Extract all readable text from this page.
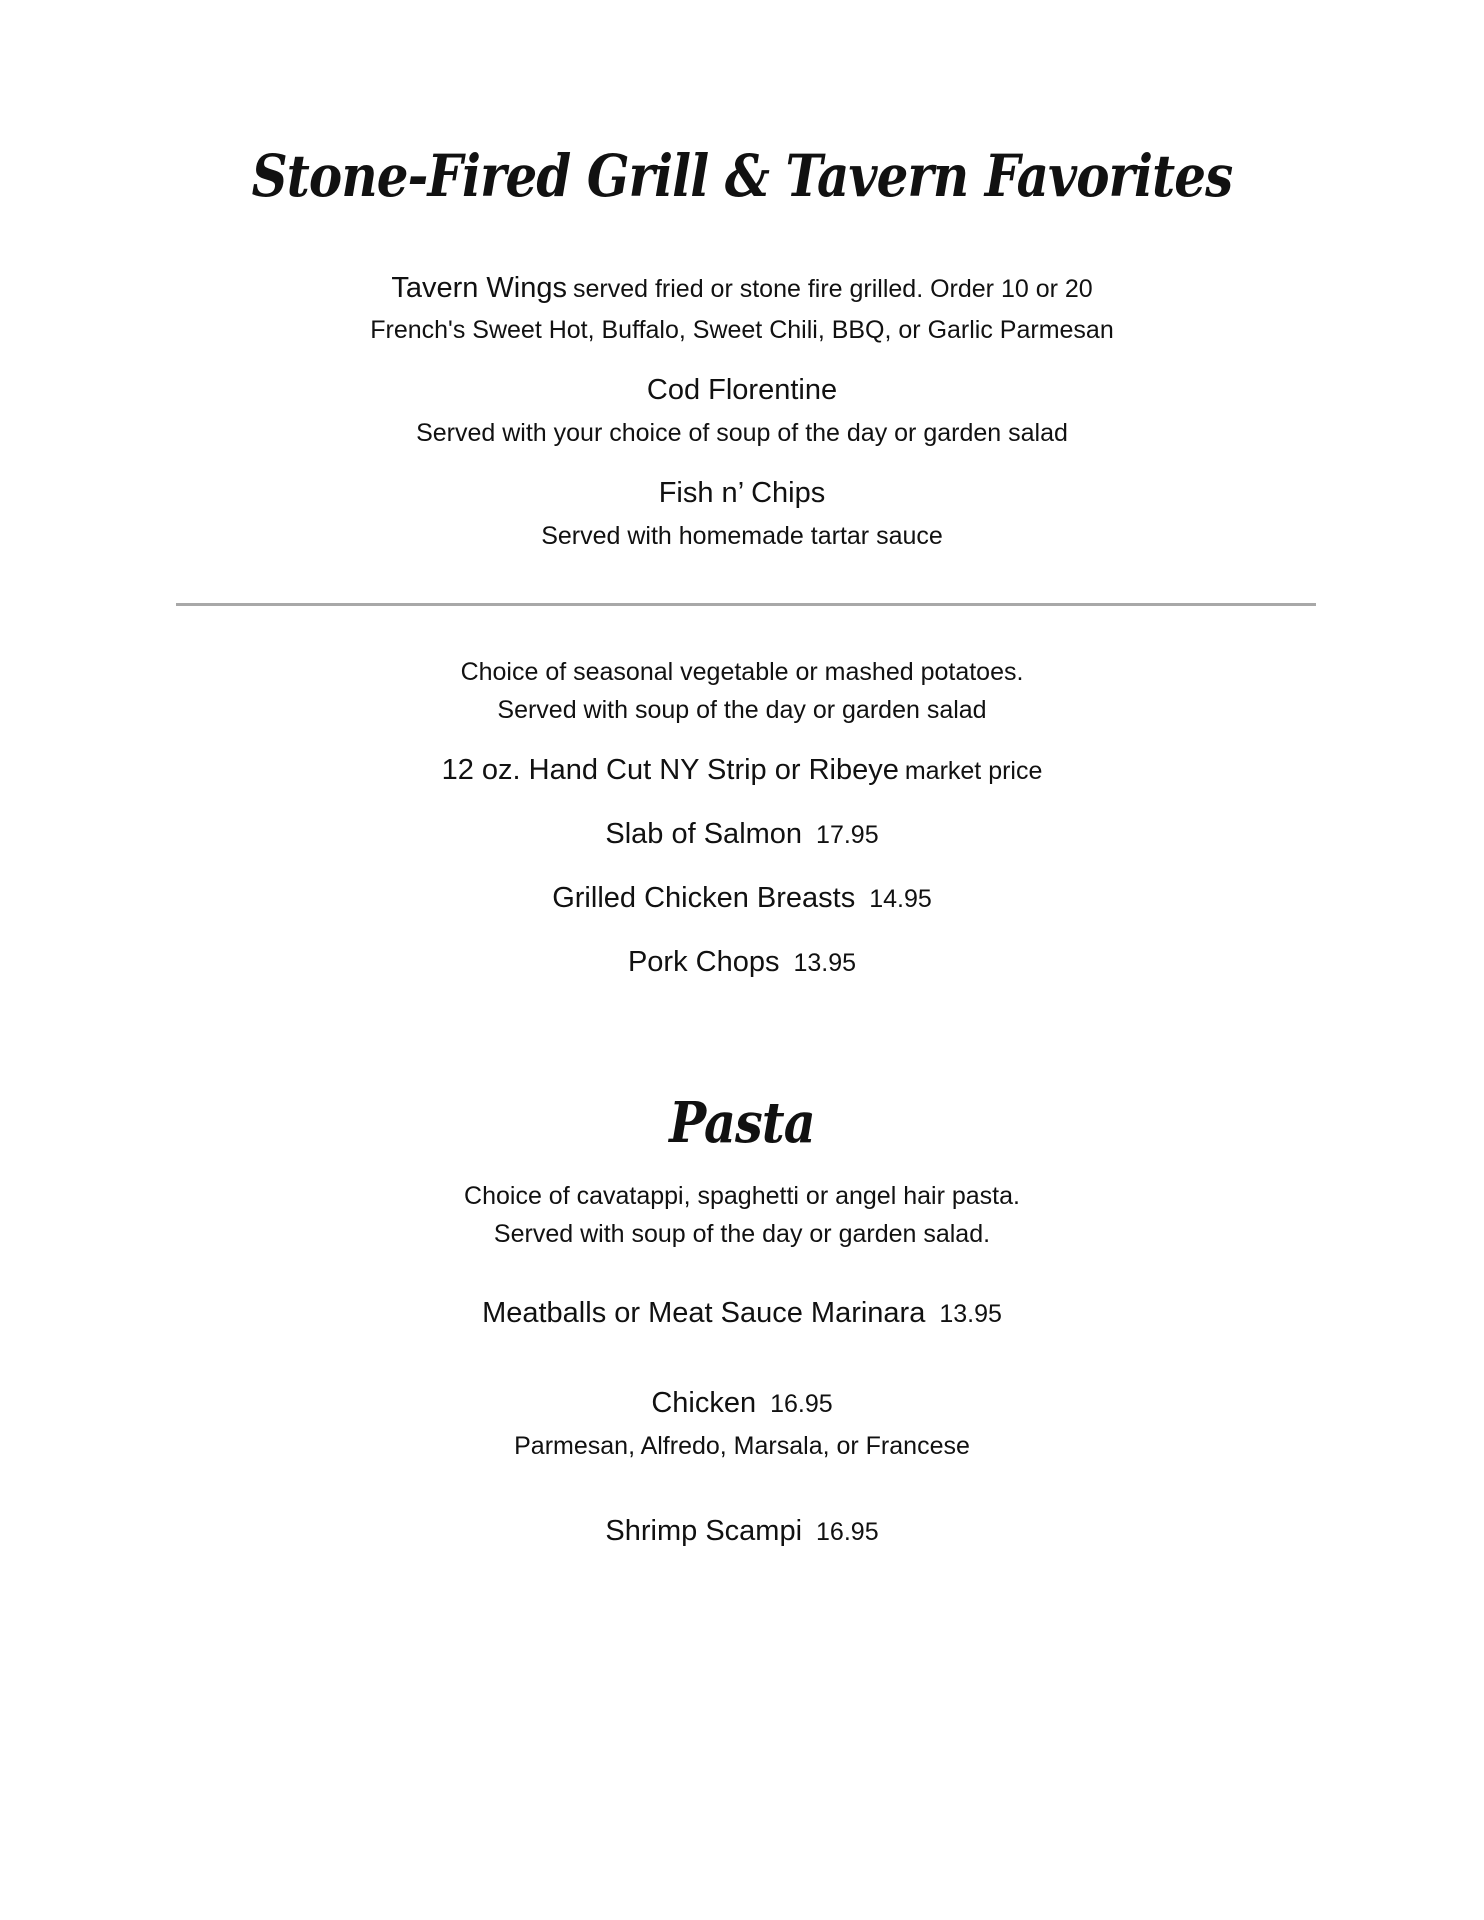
Stone-Fired Grill & Tavern Favorites
Tavern Wings served fried or stone fire grilled. Order 10 or 20
French's Sweet Hot, Buffalo, Sweet Chili, BBQ, or Garlic Parmesan
Cod Florentine
Served with your choice of soup of the day or garden salad
Fish n’ Chips
Served with homemade tartar sauce
Choice of seasonal vegetable or mashed potatoes.
Served with soup of the day or garden salad
12 oz. Hand Cut NY Strip or Ribeye market price
Slab of Salmon 17.95
Grilled Chicken Breasts 14.95
Pork Chops 13.95
Pasta
Choice of cavatappi, spaghetti or angel hair pasta.
Served with soup of the day or garden salad.
Meatballs or Meat Sauce Marinara 13.95
Chicken 16.95
Parmesan, Alfredo, Marsala, or Francese
Shrimp Scampi 16.95
